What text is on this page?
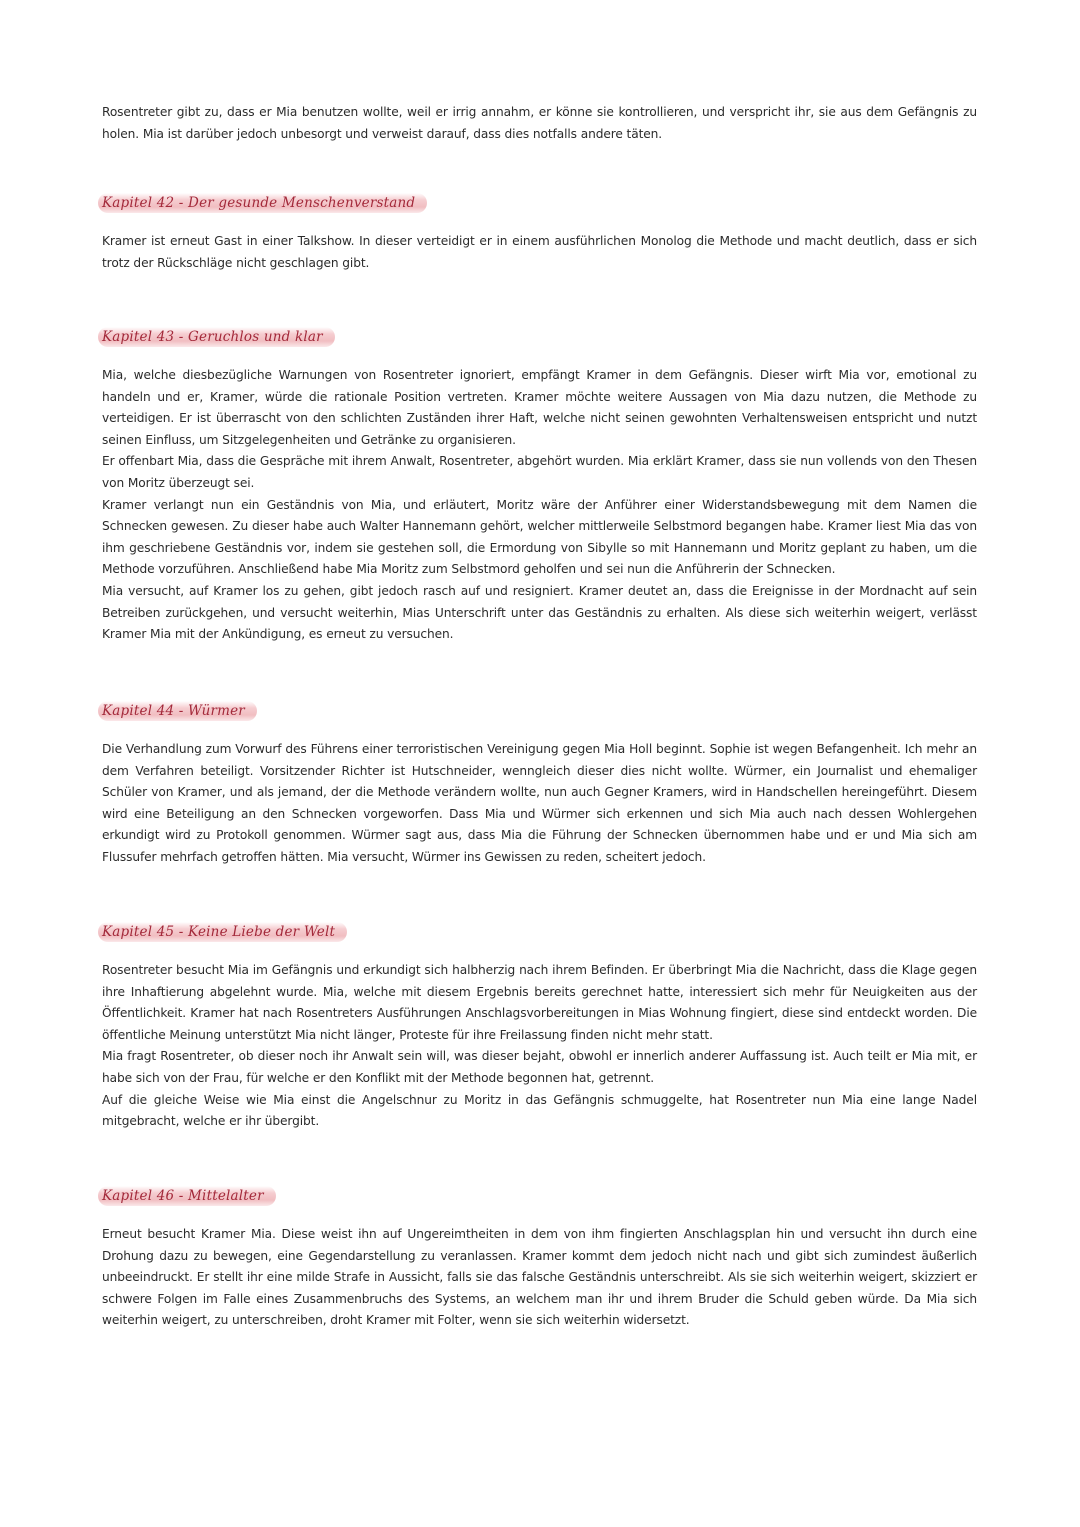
Rosentreter gibt zu, dass er Mia benutzen wollte, weil er irrig annahm, er könne sie kontrollieren, und verspricht ihr, sie aus dem Gefängnis zu holen. Mia ist darüber jedoch unbesorgt und verweist darauf, dass dies notfalls andere täten.

Kapitel 42 - Der gesunde Menschenverstand

Kramer ist erneut Gast in einer Talkshow. In dieser verteidigt er in einem ausführlichen Monolog die Methode und macht deutlich, dass er sich trotz der Rückschläge nicht geschlagen gibt.

Kapitel 43 - Geruchlos und klar

Mia, welche diesbezügliche Warnungen von Rosentreter ignoriert, empfängt Kramer in dem Gefängnis. Dieser wirft Mia vor, emotional zu handeln und er, Kramer, würde die rationale Position vertreten. Kramer möchte weitere Aussagen von Mia dazu nutzen, die Methode zu verteidigen. Er ist überrascht von den schlichten Zuständen ihrer Haft, welche nicht seinen gewohnten Verhaltensweisen entspricht und nutzt seinen Einfluss, um Sitzgelegenheiten und Getränke zu organisieren.

Er offenbart Mia, dass die Gespräche mit ihrem Anwalt, Rosentreter, abgehört wurden. Mia erklärt Kramer, dass sie nun vollends von den Thesen von Moritz überzeugt sei.

Kramer verlangt nun ein Geständnis von Mia, und erläutert, Moritz wäre der Anführer einer Widerstandsbewegung mit dem Namen die Schnecken gewesen. Zu dieser habe auch Walter Hannemann gehört, welcher mittlerweile Selbstmord begangen habe. Kramer liest Mia das von ihm geschriebene Geständnis vor, indem sie gestehen soll, die Ermordung von Sibylle so mit Hannemann und Moritz geplant zu haben, um die Methode vorzuführen. Anschließend habe Mia Moritz zum Selbstmord geholfen und sei nun die Anführerin der Schnecken.

Mia versucht, auf Kramer los zu gehen, gibt jedoch rasch auf und resigniert. Kramer deutet an, dass die Ereignisse in der Mordnacht auf sein Betreiben zurückgehen, und versucht weiterhin, Mias Unterschrift unter das Geständnis zu erhalten. Als diese sich weiterhin weigert, verlässt Kramer Mia mit der Ankündigung, es erneut zu versuchen.

Kapitel 44 - Würmer

Die Verhandlung zum Vorwurf des Führens einer terroristischen Vereinigung gegen Mia Holl beginnt. Sophie ist wegen Befangenheit. Ich mehr an dem Verfahren beteiligt. Vorsitzender Richter ist Hutschneider, wenngleich dieser dies nicht wollte. Würmer, ein Journalist und ehemaliger Schüler von Kramer, und als jemand, der die Methode verändern wollte, nun auch Gegner Kramers, wird in Handschellen hereingeführt. Diesem wird eine Beteiligung an den Schnecken vorgeworfen. Dass Mia und Würmer sich erkennen und sich Mia auch nach dessen Wohlergehen erkundigt wird zu Protokoll genommen. Würmer sagt aus, dass Mia die Führung der Schnecken übernommen habe und er und Mia sich am Flussufer mehrfach getroffen hätten. Mia versucht, Würmer ins Gewissen zu reden, scheitert jedoch.

Kapitel 45 - Keine Liebe der Welt

Rosentreter besucht Mia im Gefängnis und erkundigt sich halbherzig nach ihrem Befinden. Er überbringt Mia die Nachricht, dass die Klage gegen ihre Inhaftierung abgelehnt wurde. Mia, welche mit diesem Ergebnis bereits gerechnet hatte, interessiert sich mehr für Neuigkeiten aus der Öffentlichkeit. Kramer hat nach Rosentreters Ausführungen Anschlagsvorbereitungen in Mias Wohnung fingiert, diese sind entdeckt worden. Die öffentliche Meinung unterstützt Mia nicht länger, Proteste für ihre Freilassung finden nicht mehr statt.

Mia fragt Rosentreter, ob dieser noch ihr Anwalt sein will, was dieser bejaht, obwohl er innerlich anderer Auffassung ist. Auch teilt er Mia mit, er habe sich von der Frau, für welche er den Konflikt mit der Methode begonnen hat, getrennt.

Auf die gleiche Weise wie Mia einst die Angelschnur zu Moritz in das Gefängnis schmuggelte, hat Rosentreter nun Mia eine lange Nadel mitgebracht, welche er ihr übergibt.

Kapitel 46 - Mittelalter

Erneut besucht Kramer Mia. Diese weist ihn auf Ungereimtheiten in dem von ihm fingierten Anschlagsplan hin und versucht ihn durch eine Drohung dazu zu bewegen, eine Gegendarstellung zu veranlassen. Kramer kommt dem jedoch nicht nach und gibt sich zumindest äußerlich unbeeindruckt. Er stellt ihr eine milde Strafe in Aussicht, falls sie das falsche Geständnis unterschreibt. Als sie sich weiterhin weigert, skizziert er schwere Folgen im Falle eines Zusammenbruchs des Systems, an welchem man ihr und ihrem Bruder die Schuld geben würde. Da Mia sich weiterhin weigert, zu unterschreiben, droht Kramer mit Folter, wenn sie sich weiterhin widersetzt.
